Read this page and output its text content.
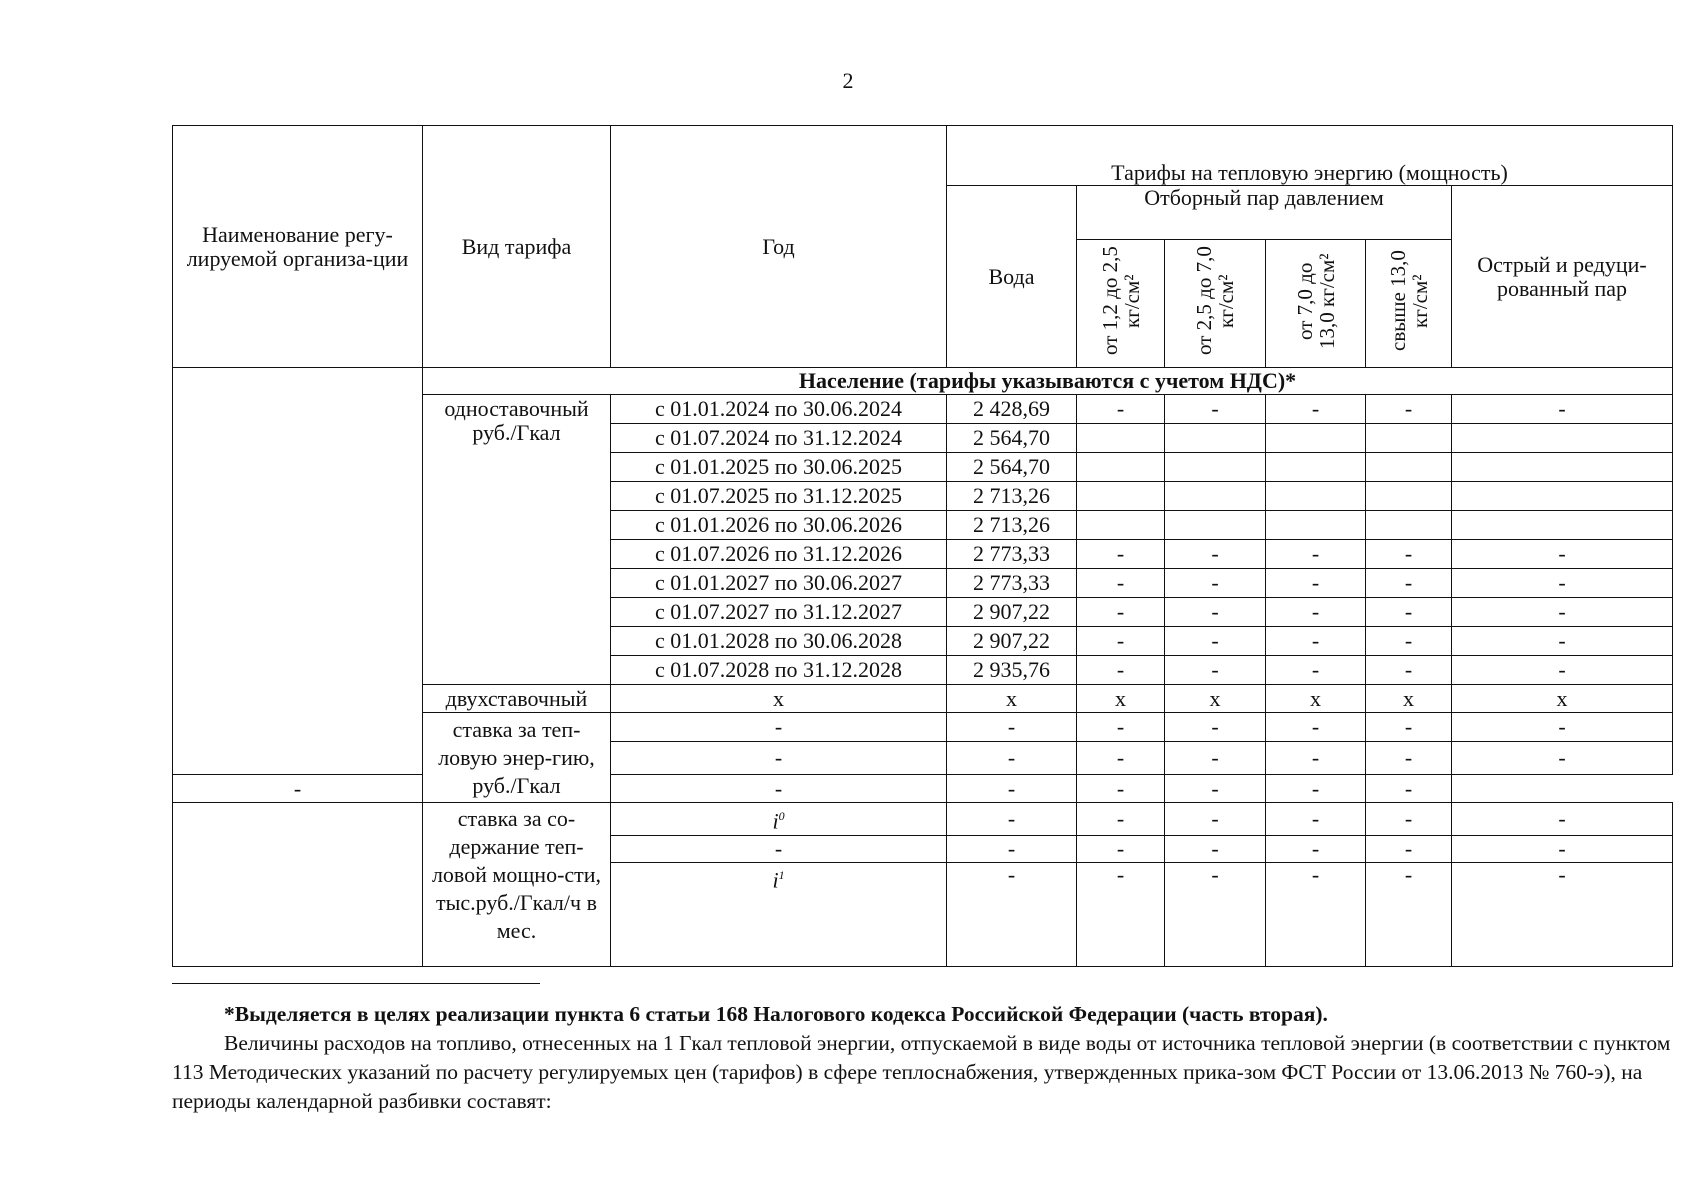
2
Наименование регу-лируемой организа-ции	Вид тарифа	Год	Тарифы на тепловую энергию (мощность)					
			Вода	Отборный пар давлением				Острый и редуци-рованный пар
				от 1,2 до 2,5 кг/см²	от 2,5 до 7,0 кг/см²	от 7,0 до 13,0 кг/см²	свыше 13,0 кг/см²	
	Население (тарифы указываются с учетом НДС)*							
	одноставочный руб./Гкал	с 01.01.2024 по 30.06.2024	2 428,69	-	-	-	-	-
		с 01.07.2024 по 31.12.2024	2 564,70					
		с 01.01.2025 по 30.06.2025	2 564,70					
		с 01.07.2025 по 31.12.2025	2 713,26					
		с 01.01.2026 по 30.06.2026	2 713,26					
		с 01.07.2026 по 31.12.2026	2 773,33	-	-	-	-	-
		с 01.01.2027 по 30.06.2027	2 773,33	-	-	-	-	-
		с 01.07.2027 по 31.12.2027	2 907,22	-	-	-	-	-
		с 01.01.2028 по 30.06.2028	2 907,22	-	-	-	-	-
		с 01.07.2028 по 31.12.2028	2 935,76	-	-	-	-	-
	двухставочный	x	x	x	x	x	x	x
	ставка за теп-ловую энер-гию, руб./Гкал	-	-	-	-	-	-	-
		-	-	-	-	-	-	-
-		-	-	-	-	-	-	
	ставка за со-держание теп-ловой мощно-сти, тыс.руб./Гкал/ч в мес.	$i^0$	-	-	-	-	-	-
		-	-	-	-	-	-	-
		$i^1$	-	-	-	-	-	-

*Выделяется в целях реализации пункта 6 статьи 168 Налогового кодекса Российской Федерации (часть вторая).

Величины расходов на топливо, отнесенных на 1 Гкал тепловой энергии, отпускаемой в виде воды от источника тепловой энергии (в соответствии с пунктом 113 Методических указаний по расчету регулируемых цен (тарифов) в сфере теплоснабжения, утвержденных прика-зом ФСТ России от 13.06.2013 № 760-э), на периоды календарной разбивки составят:
